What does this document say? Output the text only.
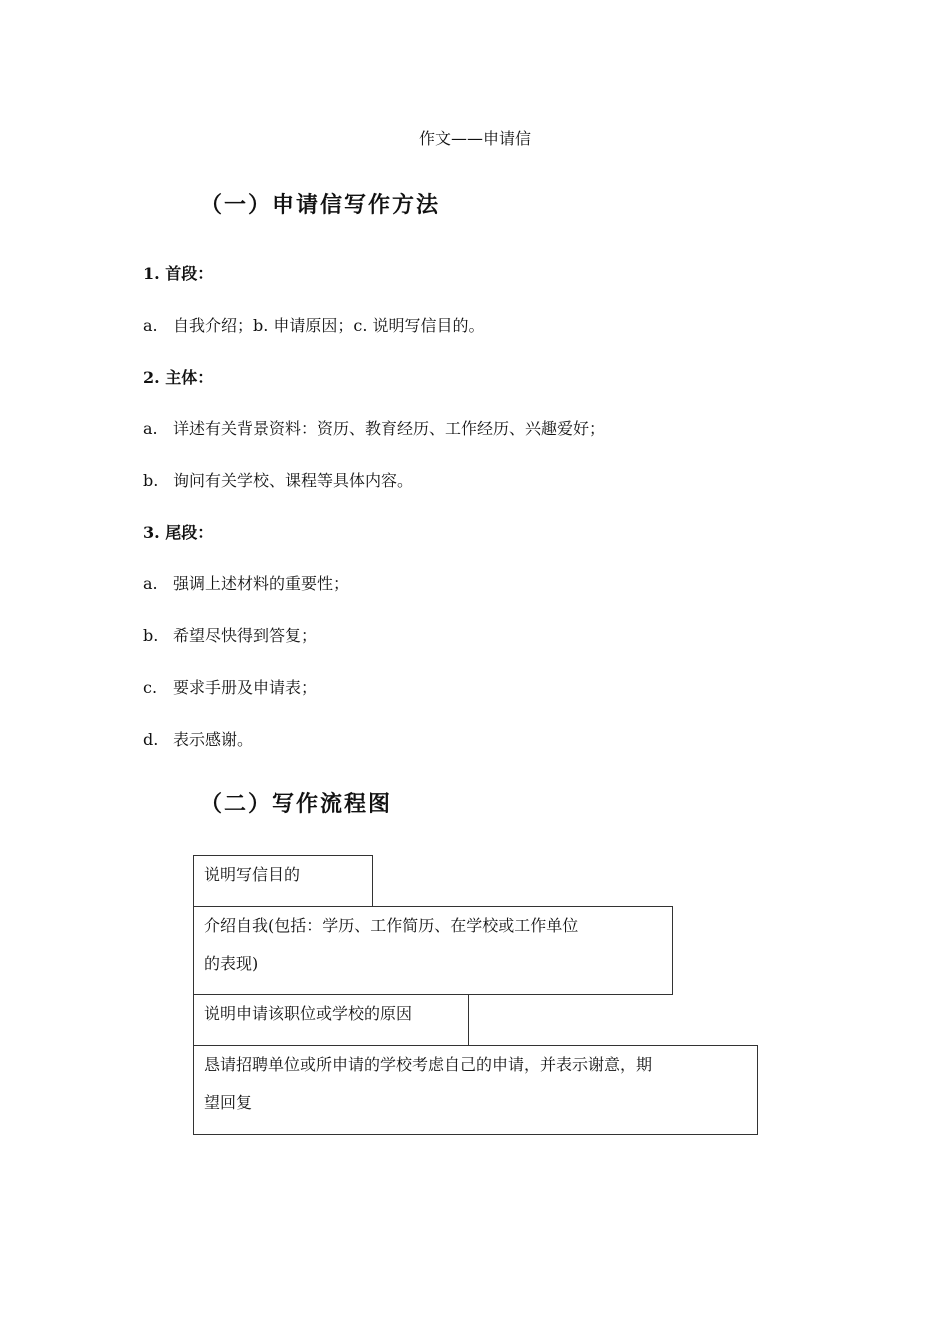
作文——申请信
（一）申请信写作方法
1. 首段：
a. 自我介绍；b. 申请原因；c. 说明写信目的。
2. 主体：
a. 详述有关背景资料：资历、教育经历、工作经历、兴趣爱好；
b. 询问有关学校、课程等具体内容。
3. 尾段：
a. 强调上述材料的重要性；
b. 希望尽快得到答复；
c. 要求手册及申请表；
d. 表示感谢。
（二）写作流程图
说明写信目的
介绍自我(包括：学历、工作简历、在学校或工作单位
的表现)
说明申请该职位或学校的原因
恳请招聘单位或所申请的学校考虑自己的申请，并表示谢意，期
望回复
